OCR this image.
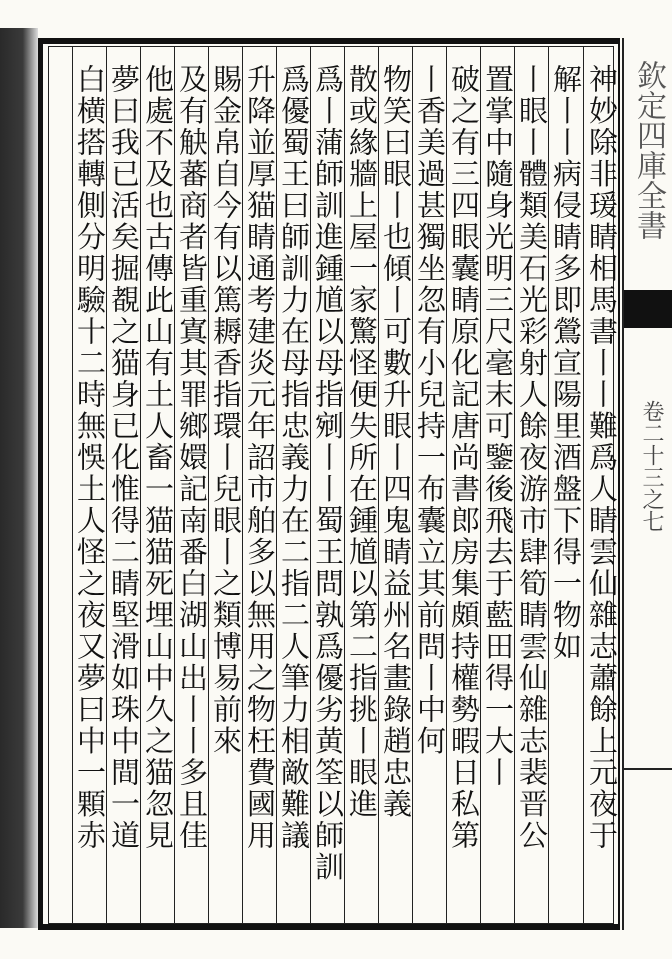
神妙除非瑗睛相馬書丨丨難爲人睛雲仙雜志蕭餘上元夜于
解丨丨病侵睛多即鶯宣陽里酒盤下得一物如
丨眼丨體類美石光彩射人餘夜游市肆筍睛雲仙雜志裴晋公
置掌中隨身光明三尺毫末可鑒後飛去于藍田得一大丨
破之有三四眼囊睛原化記唐尚書郎房集頗持權勢暇日私第
丨香美過甚獨坐忽有小兒持一布囊立其前問丨中何
物笑曰眼丨也傾丨可數升眼丨四鬼睛益州名畫錄趙忠義
散或緣牆上屋一家驚怪便失所在鍾馗以第二指挑丨眼進
爲丨蒲師訓進鍾馗以母指剜丨丨蜀王問孰爲優劣黄筌以師訓
爲優蜀王曰師訓力在母指忠義力在二指二人筆力相敵難議
升降並厚猫睛通考建炎元年詔市舶多以無用之物枉費國用
賜金帛自今有以篤耨香指環丨兒眼丨之類博易前來
及有觖蕃商者皆重寘其罪鄉嬛記南番白湖山出丨丨多且佳
他處不及也古傳此山有土人畜一猫猫死埋山中久之猫忽見
夢曰我已活矣掘覩之猫身已化惟得二睛堅滑如珠中間一道
白横搭轉側分明驗十二時無悞土人怪之夜又夢曰中一顆赤	欽定四庫全書
卷二十三之七
